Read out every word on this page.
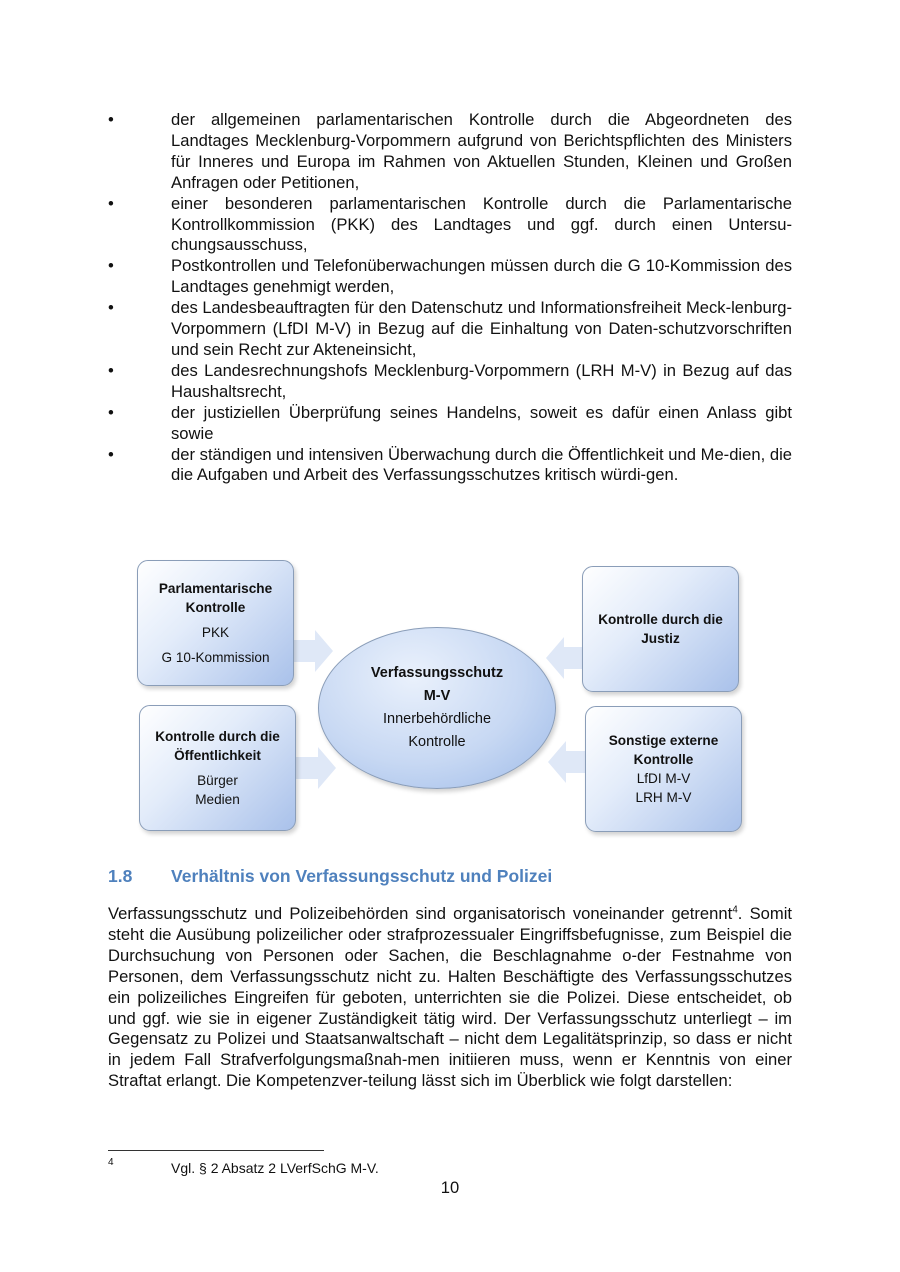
•	der allgemeinen parlamentarischen Kontrolle durch die Abgeordneten des Landtages Mecklenburg-Vorpommern aufgrund von Berichtspflichten des Ministers für Inneres und Europa im Rahmen von Aktuellen Stunden, Kleinen und Großen Anfragen oder Petitionen,
•	einer besonderen parlamentarischen Kontrolle durch die Parlamentarische Kontrollkommission (PKK) des Landtages und ggf. durch einen Untersu-chungsausschuss,
•	Postkontrollen und Telefonüberwachungen müssen durch die G 10-Kommission des Landtages genehmigt werden,
•	des Landesbeauftragten für den Datenschutz und Informationsfreiheit Meck-lenburg-Vorpommern (LfDI M-V) in Bezug auf die Einhaltung von Daten-schutzvorschriften und sein Recht zur Akteneinsicht,
•	des Landesrechnungshofs Mecklenburg-Vorpommern (LRH M-V) in Bezug auf das Haushaltsrecht,
•	der justiziellen Überprüfung seines Handelns, soweit es dafür einen Anlass gibt sowie
•	der ständigen und intensiven Überwachung durch die Öffentlichkeit und Me-dien, die die Aufgaben und Arbeit des Verfassungsschutzes kritisch würdi-gen.
Parlamentarische Kontrolle
PKK
G 10-Kommission
Kontrolle durch die Öffentlichkeit
Bürger
Medien
Kontrolle durch die Justiz
Sonstige externe Kontrolle
LfDI M-V
LRH M-V
Verfassungsschutz
M-V
Innerbehördliche
Kontrolle
1.8 Verhältnis von Verfassungsschutz und Polizei

Verfassungsschutz und Polizeibehörden sind organisatorisch voneinander getrennt$^4$. Somit steht die Ausübung polizeilicher oder strafprozessualer Eingriffsbefugnisse, zum Beispiel die Durchsuchung von Personen oder Sachen, die Beschlagnahme o-der Festnahme von Personen, dem Verfassungsschutz nicht zu. Halten Beschäftigte des Verfassungsschutzes ein polizeiliches Eingreifen für geboten, unterrichten sie die Polizei. Diese entscheidet, ob und ggf. wie sie in eigener Zuständigkeit tätig wird. Der Verfassungsschutz unterliegt – im Gegensatz zu Polizei und Staatsanwaltschaft – nicht dem Legalitätsprinzip, so dass er nicht in jedem Fall Strafverfolgungsmaßnah-men initiieren muss, wenn er Kenntnis von einer Straftat erlangt. Die Kompetenzver-teilung lässt sich im Überblick wie folgt darstellen:

4	Vgl. § 2 Absatz 2 LVerfSchG M-V.
10
